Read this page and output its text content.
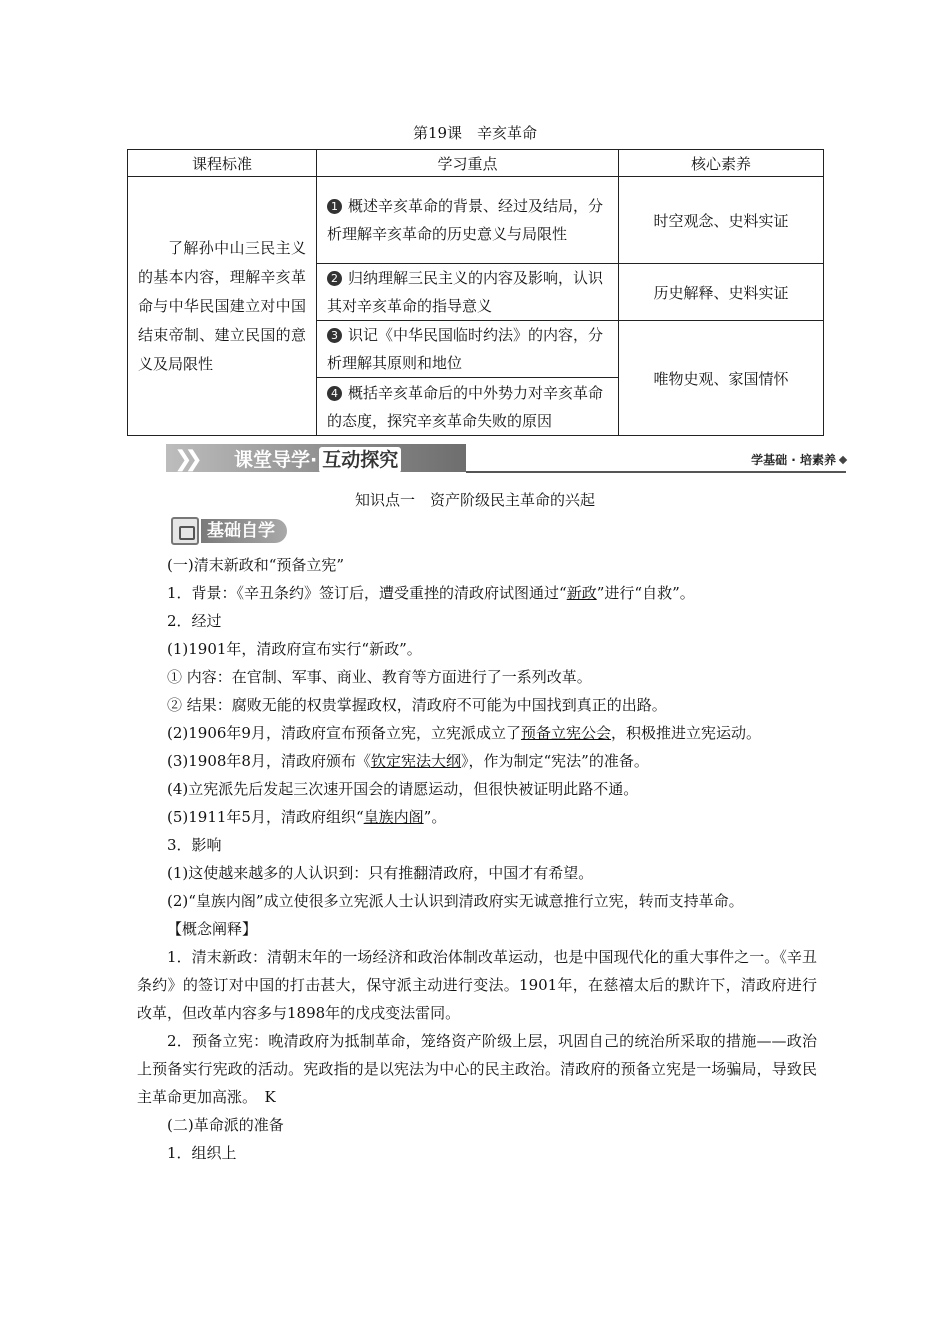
第19课　辛亥革命
课程标准	学习重点	核心素养

了解孙中山三民主义的基本内容，理解辛亥革命与中华民国建立对中国结束帝制、建立民国的意义及局限性	1 概述辛亥革命的背景、经过及结局，分析理解辛亥革命的历史意义与局限性	时空观念、史料实证

	2 归纳理解三民主义的内容及影响，认识其对辛亥革命的指导意义	历史解释、史料实证

	3 识记《中华民国临时约法》的内容，分析理解其原则和地位	唯物史观、家国情怀

	4 概括辛亥革命后的中外势力对辛亥革命的态度，探究辛亥革命失败的原因	
❯❯ 课堂导学· 互动探究	学基础 · 培素养
知识点一　资产阶级民主革命的兴起
基础自学

(一)清末新政和“预备立宪”

1．背景：《辛丑条约》签订后，遭受重挫的清政府试图通过“新政”进行“自救”。

2．经过

(1)1901年，清政府宣布实行“新政”。

① 内容：在官制、军事、商业、教育等方面进行了一系列改革。

② 结果：腐败无能的权贵掌握政权，清政府不可能为中国找到真正的出路。

(2)1906年9月，清政府宣布预备立宪，立宪派成立了预备立宪公会，积极推进立宪运动。

(3)1908年8月，清政府颁布《钦定宪法大纲》，作为制定“宪法”的准备。

(4)立宪派先后发起三次速开国会的请愿运动，但很快被证明此路不通。

(5)1911年5月，清政府组织“皇族内阁”。

3．影响

(1)这使越来越多的人认识到：只有推翻清政府，中国才有希望。

(2)“皇族内阁”成立使很多立宪派人士认识到清政府实无诚意推行立宪，转而支持革命。

【概念阐释】

1．清末新政：清朝末年的一场经济和政治体制改革运动，也是中国现代化的重大事件之一。《辛丑条约》的签订对中国的打击甚大，保守派主动进行变法。1901年，在慈禧太后的默许下，清政府进行改革，但改革内容多与1898年的戊戌变法雷同。

2．预备立宪：晚清政府为抵制革命，笼络资产阶级上层，巩固自己的统治所采取的措施——政治上预备实行宪政的活动。宪政指的是以宪法为中心的民主政治。清政府的预备立宪是一场骗局，导致民主革命更加高涨。　K

(二)革命派的准备

1．组织上
